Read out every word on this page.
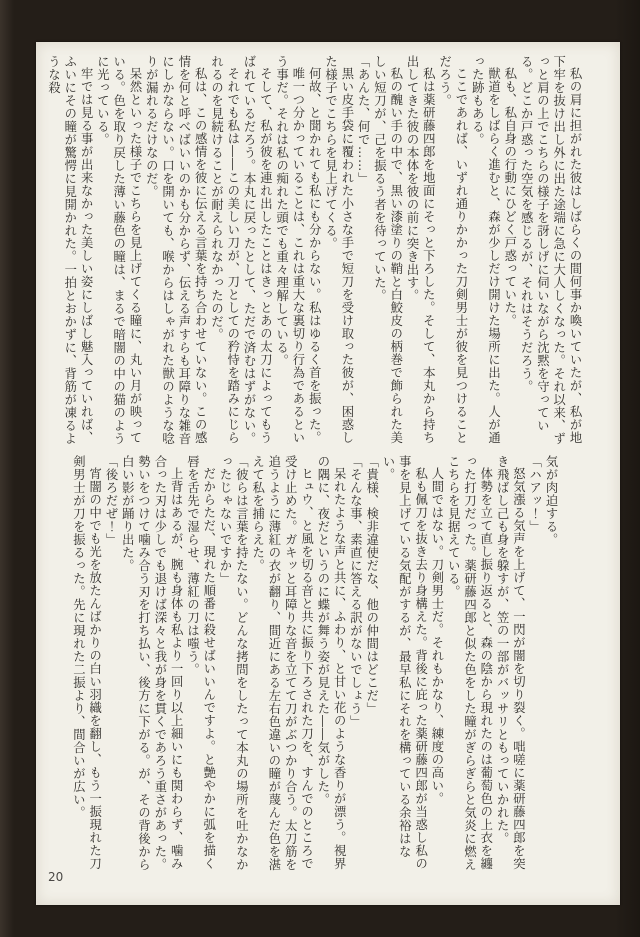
私の肩に担がれた彼はしばらくの間何事か喚いていたが、私が地下牢を抜け出し外に出た途端に急に大人しくなった。それ以来、ずっと肩の上でこちらの様子を訝しげに伺いながら沈黙を守っている。どこか戸惑った空気を感じるが、それはそうだろう。

私も、私自身の行動にひどく戸惑っていた。

獣道をしばらく進むと、森が少しだけ開けた場所に出た。人が通った跡もある。

ここであれば、いずれ通りかかった刀剣男士が彼を見つけることだろう。

私は薬研藤四郎を地面にそっと下ろした。そして、本丸から持ち出してきた彼の本体を彼の前に突き出す。

私の醜い手の中で、黒い漆塗りの鞘と白鮫皮の柄巻で飾られた美しい短刀が、己を振るう者を待っていた。

「あんた、何で……」

黒い皮手袋に覆われた小さな手で短刀を受け取った彼が、困惑した様子でこちらを見上げてくる。

何故、と聞かれても私にも分からない。私はゆるく首を振った。

唯一つ分かっていることは、これは重大な裏切り行為であるという事だ。それは私の痴れた頭でも重々理解している。

そして、私が彼を連れ出したことはきっとあの太刀によってもうばれているだろう。本丸に戻ったとして、ただで済むはずがない。

それでも私は――この美しい刀が、刀としての矜恃を踏みにじられるのを見続けることが耐えられなかったのだ。

私は、この感情を彼に伝える言葉を持ち合わせていない。この感情を何と呼べばいいのかも分からず、伝える声すらも耳障りな雑音にしかならない。口を開いても、喉からはしゃがれた獣のような唸りが漏れるだけなのだ。

呆然といった様子でこちらを見上げてくる瞳に、丸い月が映っている。色を取り戻した薄い藤色の瞳は、まるで暗闇の中の猫のように光っている。

牢では見る事が出来なかった美しい姿にしばし魅入っていれば、ふいにその瞳が驚愕に見開かれた。一拍とおかずに、背筋が凍るような殺

気が肉迫する。

「ハアッ！」

怒気漲る気声を上げて、一閃が闇を切り裂く。咄嗟に薬研藤四郎を突き飛ばし己も身を躱すが、笠の一部がバッサリともっていかれた。

体勢を立て直し振り返ると、森の陰から現れたのは葡萄色の上衣を纏った打刀だった。薬研藤四郎と似た色をした瞳がぎらぎらと気炎に燃えこちらを見据えている。

人間ではない。刀剣男士だ。それもかなり、練度の高い。

私も佩刀を抜き去り身構えた。背後に庇った薬研藤四郎が当惑し私の事を見上げている気配がするが、最早私にそれを構っている余裕はない。

「貴様、検非違使だな、他の仲間はどこだ」

「そんな事、素直に答える訳がないでしょう」

呆れたような声と共に、ふわり、と甘い花のような香りが漂う。視界の隅に、夜だというのに蝶が舞う姿が見えた――気がした。

ヒュウ、と風を切る音と共に振り下ろされた刀を、すんでのところで受け止めた。ガキッと耳障りな音を立てて刀がぶつかり合う。太刀筋を追うように薄紅の衣が翻り、間近にある左右色違いの瞳が蔑んだ色を湛えて私を捕らえた。

「彼らは言葉を持たない。どんな拷問をしたって本丸の場所を吐かなかったじゃないですか」

だからただ、現れた順番に殺せばいいんですよ。と艶やかに弧を描く唇を舌先で湿らせ、薄紅の刀は嗤う。

上背はあるが、腕も身体も私より一回り以上細いにも関わらず、噛み合った刃は少しでも退けば深々と我が身を貫くであろう重さがあった。勢いをつけて噛み合う刃を打ち払い、後方に下がる。が、その背後から白い影が踊り出た。

「後ろだぜ！」

宵闇の中でも光を放たんばかりの白い羽織を翻し、もう一振現れた刀剣男士が刀を振るった。先に現れた二振より、間合いが広い。

20
